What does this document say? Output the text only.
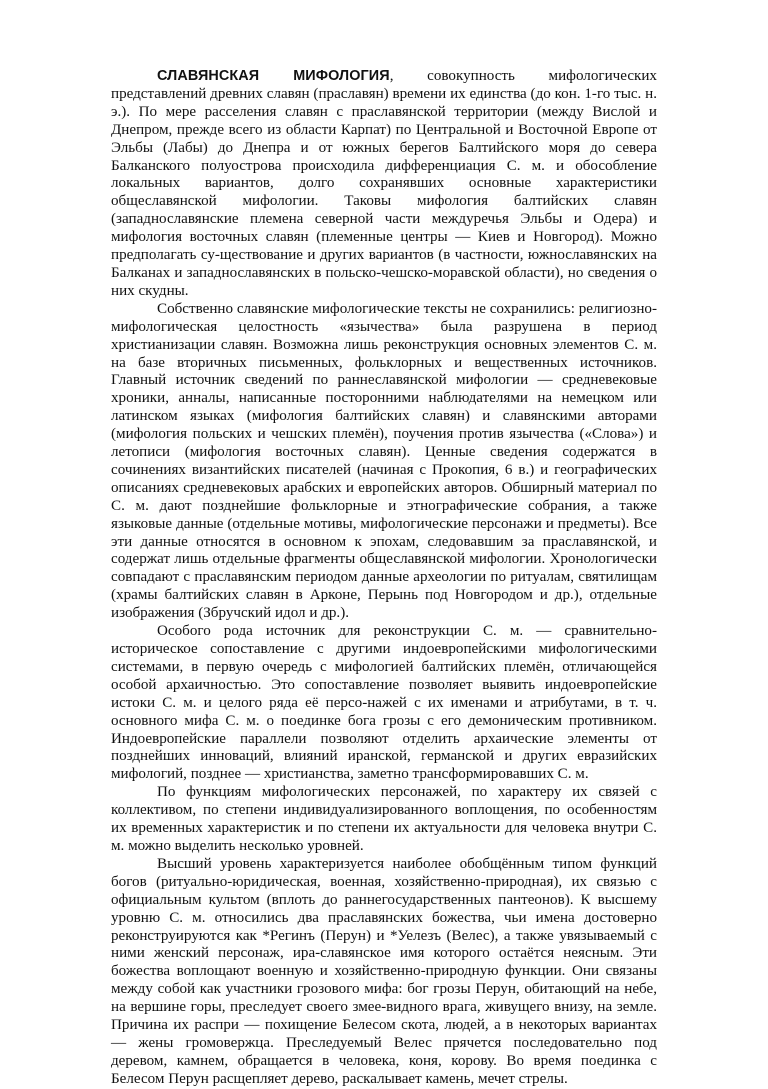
СЛАВЯНСКАЯ МИФОЛОГИЯ, совокупность мифологических представлений древних славян (праславян) времени их единства (до кон. 1-го тыс. н. э.). По мере расселения славян с праславянской территории (между Вислой и Днепром, прежде всего из области Карпат) по Центральной и Восточной Европе от Эльбы (Лабы) до Днепра и от южных берегов Балтийского моря до севера Балканского полуострова происходила дифференциация С. м. и обособление локальных вариантов, долго сохранявших основные характеристики общеславянской мифологии. Таковы мифология балтийских славян (западнославянские племена северной части междуречья Эльбы и Одера) и мифология восточных славян (племенные центры — Киев и Новгород). Можно предполагать су-ществование и других вариантов (в частности, южнославянских на Балканах и западнославянских в польско-чешско-моравской области), но сведения о них скудны.

Собственно славянские мифологические тексты не сохранились: религиозно-мифологическая целостность «язычества» была разрушена в период христианизации славян. Возможна лишь реконструкция основных элементов С. м. на базе вторичных письменных, фольклорных и вещественных источников. Главный источник сведений по раннеславянской мифологии — средневековые хроники, анналы, написанные посторонними наблюдателями на немецком или латинском языках (мифология балтийских славян) и славянскими авторами (мифология польских и чешских племён), поучения против язычества («Слова») и летописи (мифология восточных славян). Ценные сведения содержатся в сочинениях византийских писателей (начиная с Прокопия, 6 в.) и географических описаниях средневековых арабских и европейских авторов. Обширный материал по С. м. дают позднейшие фольклорные и этнографические собрания, а также языковые данные (отдельные мотивы, мифологические персонажи и предметы). Все эти данные относятся в основном к эпохам, следовавшим за праславянской, и содержат лишь отдельные фрагменты общеславянской мифологии. Хронологически совпадают с праславянским периодом данные археологии по ритуалам, святилищам (храмы балтийских славян в Арконе, Перынь под Новгородом и др.), отдельные изображения (Збручский идол и др.).

Особого рода источник для реконструкции С. м. — сравнительно-историческое сопоставление с другими индоевропейскими мифологическими системами, в первую очередь с мифологией балтийских племён, отличающейся особой архаичностью. Это сопоставление позволяет выявить индоевропейские истоки С. м. и целого ряда её персо-нажей с их именами и атрибутами, в т. ч. основного мифа С. м. о поединке бога грозы с его демоническим противником. Индоевропейские параллели позволяют отделить архаические элементы от позднейших инноваций, влияний иранской, германской и других евразийских мифологий, позднее — христианства, заметно трансформировавших С. м.

По функциям мифологических персонажей, по характеру их связей с коллективом, по степени индивидуализированного воплощения, по особенностям их временных характеристик и по степени их актуальности для человека внутри С. м. можно выделить несколько уровней.

Высший уровень характеризуется наиболее обобщённым типом функций богов (ритуально-юридическая, военная, хозяйственно-природная), их связью с официальным культом (вплоть до раннегосударственных пантеонов). К высшему уровню С. м. относились два праславянских божества, чьи имена достоверно реконструируются как *Регинъ (Перун) и *Уелезъ (Велес), а также увязываемый с ними женский персонаж, ира-славянское имя которого остаётся неясным. Эти божества воплощают военную и хозяйственно-природную функции. Они связаны между собой как участники грозового мифа: бог грозы Перун, обитающий на небе, на вершине горы, преследует своего змее-видного врага, живущего внизу, на земле. Причина их распри — похищение Белесом скота, людей, а в некоторых вариантах — жены громовержца. Преследуемый Велес прячется последовательно под деревом, камнем, обращается в человека, коня, корову. Во время поединка с Белесом Перун расщепляет дерево, раскалывает камень, мечет стрелы.
